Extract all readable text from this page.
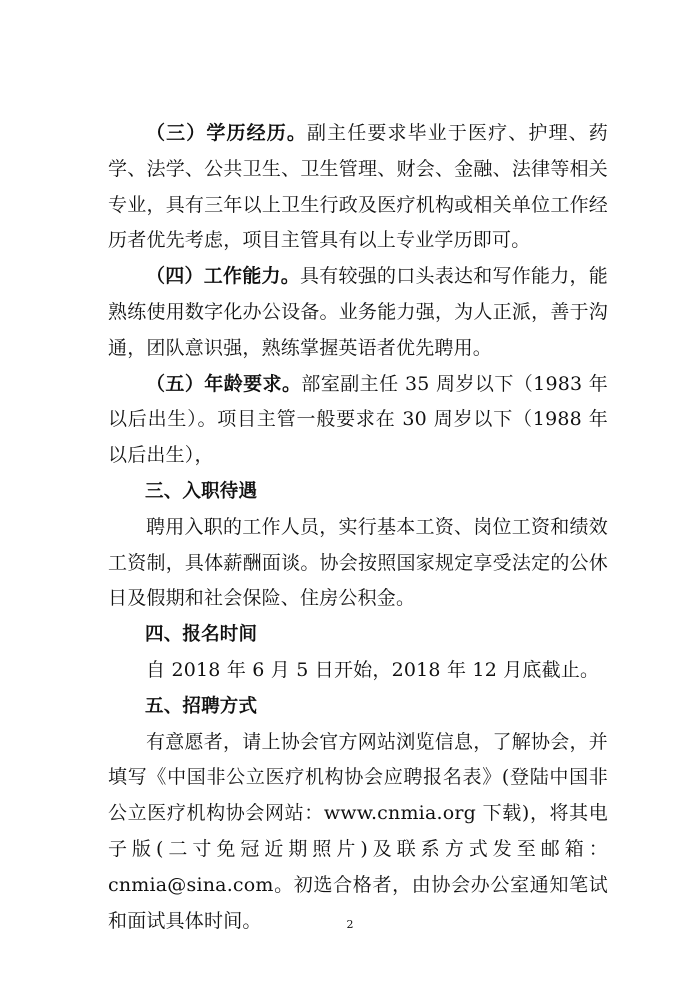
（三）学历经历。副主任要求毕业于医疗、护理、药学、法学、公共卫生、卫生管理、财会、金融、法律等相关专业，具有三年以上卫生行政及医疗机构或相关单位工作经历者优先考虑，项目主管具有以上专业学历即可。

（四）工作能力。具有较强的口头表达和写作能力，能熟练使用数字化办公设备。业务能力强，为人正派，善于沟通，团队意识强，熟练掌握英语者优先聘用。

（五）年龄要求。部室副主任 35 周岁以下（1983 年以后出生）。项目主管一般要求在 30 周岁以下（1988 年以后出生），

三、入职待遇

聘用入职的工作人员，实行基本工资、岗位工资和绩效工资制，具体薪酬面谈。协会按照国家规定享受法定的公休日及假期和社会保险、住房公积金。

四、报名时间

自 2018 年 6 月 5 日开始，2018 年 12 月底截止。

五、招聘方式

有意愿者，请上协会官方网站浏览信息，了解协会，并填写《中国非公立医疗机构协会应聘报名表》(登陆中国非公立医疗机构协会网站：www.cnmia.org 下载)，将其电子版(二寸免冠近期照片)及联系方式发至邮箱：cnmia@sina.com。初选合格者，由协会办公室通知笔试和面试具体时间。	2
